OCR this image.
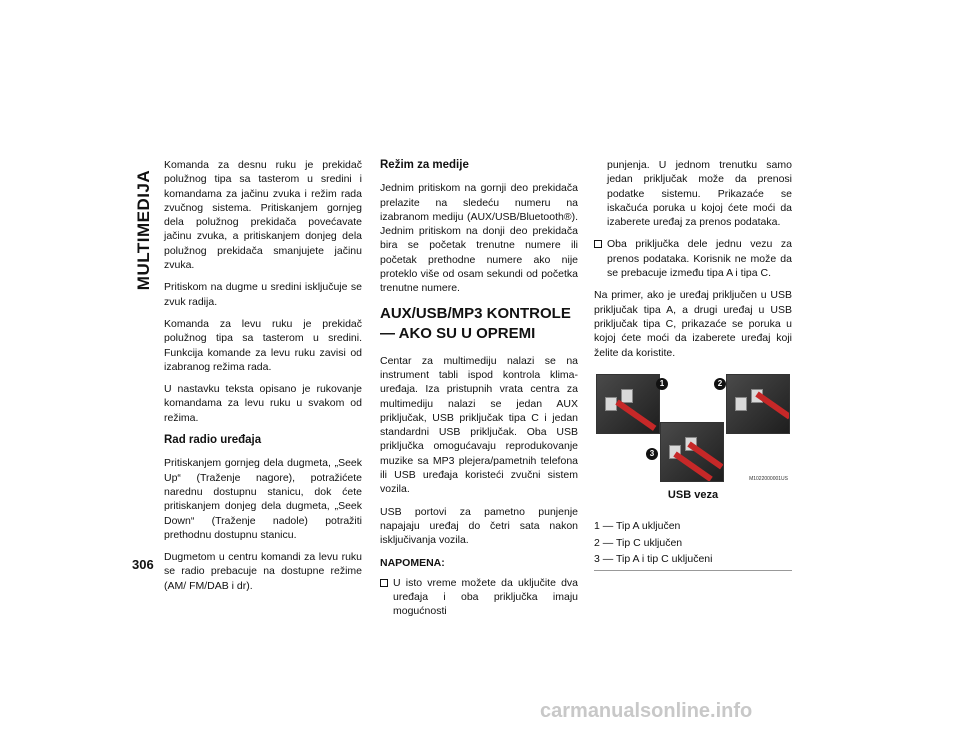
MULTIMEDIJA

Komanda za desnu ruku je prekidač polužnog tipa sa tasterom u sredini i komandama za jačinu zvuka i režim rada zvučnog sistema. Pritiskanjem gornjeg dela polužnog prekidača povećavate jačinu zvuka, a pritiskanjem donjeg dela polužnog prekidača smanjujete jačinu zvuka.

Pritiskom na dugme u sredini isključuje se zvuk radija.

Komanda za levu ruku je prekidač polužnog tipa sa tasterom u sredini. Funkcija komande za levu ruku zavisi od izabranog režima rada.

U nastavku teksta opisano je rukovanje komandama za levu ruku u svakom od režima.

Rad radio uređaja

Pritiskanjem gornjeg dela dugmeta, „Seek Up“ (Traženje nagore), potražićete narednu dostupnu stanicu, dok ćete pritiskanjem donjeg dela dugmeta, „Seek Down“ (Traženje nadole) potražiti prethodnu dostupnu stanicu.

Dugmetom u centru komandi za levu ruku se radio prebacuje na dostupne režime (AM/ FM/DAB i dr).

Režim za medije

Jednim pritiskom na gornji deo prekidača prelazite na sledeću numeru na izabranom mediju (AUX/USB/Bluetooth®). Jednim pritiskom na donji deo prekidača bira se početak trenutne numere ili početak prethodne numere ako nije proteklo više od osam sekundi od početka trenutne numere.

AUX/USB/MP3 KONTROLE — AKO SU U OPREMI

Centar za multimediju nalazi se na instrument tabli ispod kontrola klima-uređaja. Iza pristupnih vrata centra za multimediju nalazi se jedan AUX priključak, USB priključak tipa C i jedan standardni USB priključak. Oba USB priključka omogućavaju reprodukovanje muzike sa MP3 plejera/pametnih telefona ili USB uređaja koristeći zvučni sistem vozila.

USB portovi za pametno punjenje napajaju uređaj do četri sata nakon isključivanja vozila.

NAPOMENA:
U isto vreme možete da uključite dva uređaja i oba priključka imaju mogućnosti
punjenja. U jednom trenutku samo jedan priključak može da prenosi podatke sistemu. Prikazaće se iskačuća poruka u kojoj ćete moći da izaberete uređaj za prenos podataka.
Oba priključka dele jednu vezu za prenos podataka. Korisnik ne može da se prebacuje između tipa A i tipa C.

Na primer, ako je uređaj priključen u USB priključak tipa A, a drugi uređaj u USB priključak tipa C, prikazaće se poruka u kojoj ćete moći da izaberete uređaj koji želite da koristite.

1	2
3
M1022000001US
USB veza
1 — Tip A uključen
2 — Tip C uključen
3 — Tip A i tip C uključeni
306
carmanualsonline.info
